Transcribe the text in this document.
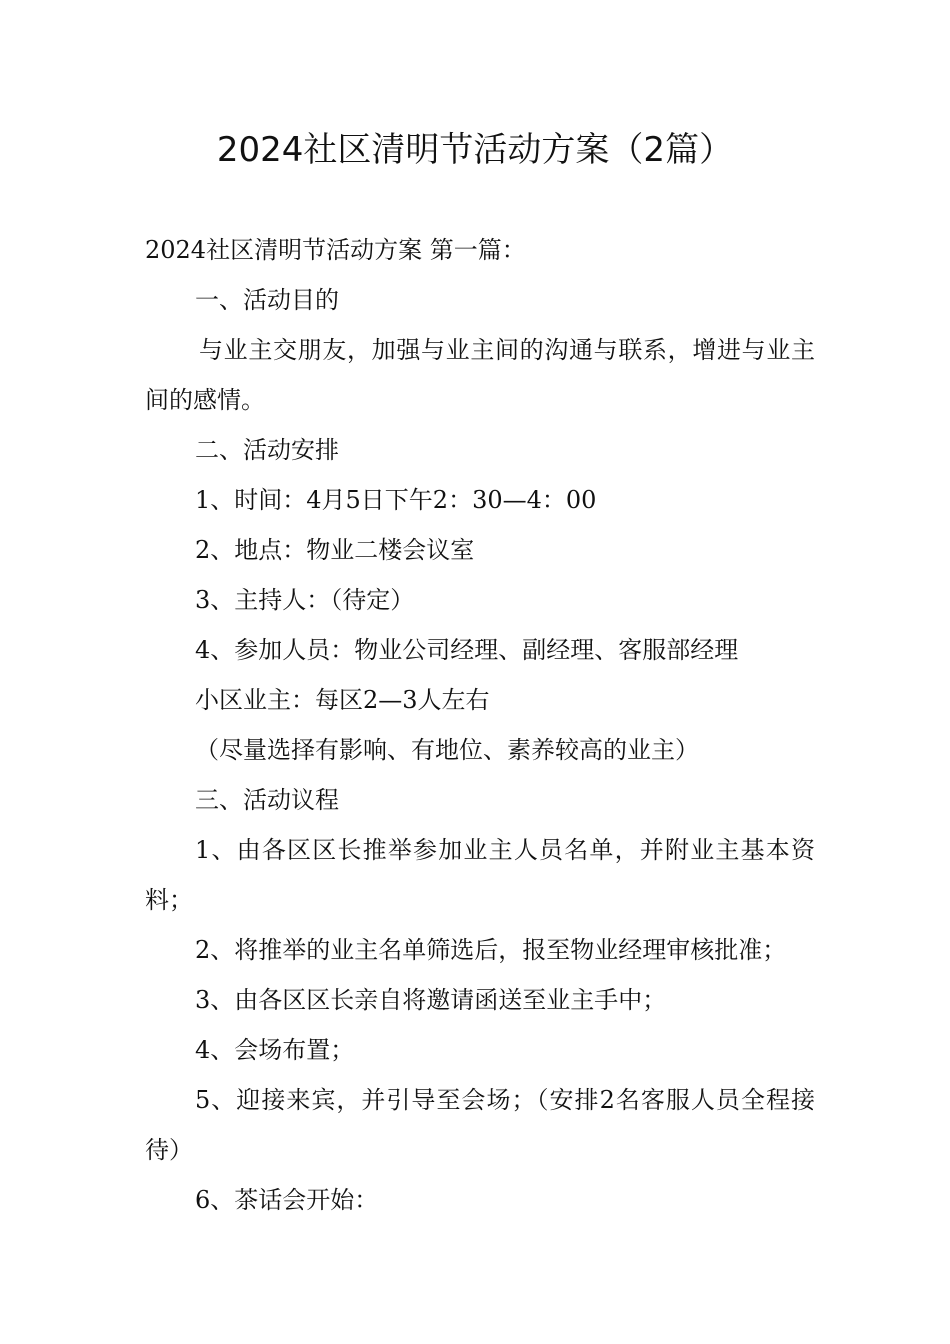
2024社区清明节活动方案（2篇）
2024社区清明节活动方案 第一篇：
一、活动目的
与业主交朋友，加强与业主间的沟通与联系，增进与业主间的感情。
二、活动安排
1、时间：4月5日下午2：30—4：00
2、地点：物业二楼会议室
3、主持人：（待定）
4、参加人员：物业公司经理、副经理、客服部经理
小区业主：每区2—3人左右
（尽量选择有影响、有地位、素养较高的业主）
三、活动议程
1、由各区区长推举参加业主人员名单，并附业主基本资料；
2、将推举的业主名单筛选后，报至物业经理审核批准；
3、由各区区长亲自将邀请函送至业主手中；
4、会场布置；
5、迎接来宾，并引导至会场；（安排2名客服人员全程接待）
6、茶话会开始：
